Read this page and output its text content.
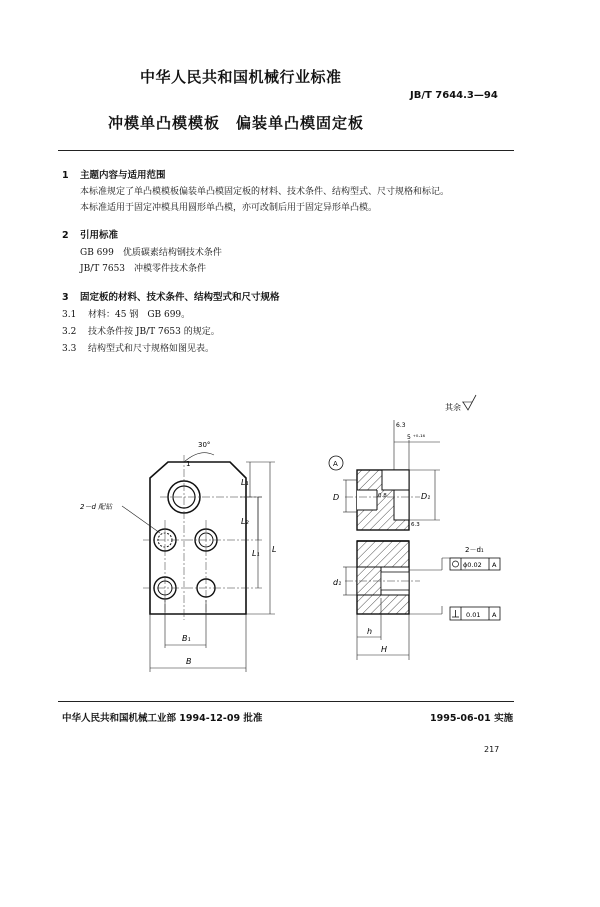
中华人民共和国机械行业标准
JB/T 7644.3—94
冲模单凸模模板　偏装单凸模固定板
1 主题内容与适用范围
本标准规定了单凸模模板偏装单凸模固定板的材料、技术条件、结构型式、尺寸规格和标记。
本标准适用于固定冲模具用圆形单凸模，亦可改制后用于固定异形单凸模。
2 引用标准
GB 699　优质碳素结构钢技术条件
JB/T 7653　冲模零件技术条件
3 固定板的材料、技术条件、结构型式和尺寸规格
3.1 材料：45 钢　GB 699。
3.2 技术条件按 JB/T 7653 的规定。
3.3 结构型式和尺寸规格如图见表。
其余
30°
1
2－d 配钻
L₁
L₂
L₁ L
B₁
B
A
5 ⁺⁰·¹⁶
6.3
0.8
6.3
D	D₁
d₁
2－d₁
ϕ0.02 A
0.01 A
h
H
中华人民共和国机械工业部 1994-12-09 批准	1995-06-01 实施
217
